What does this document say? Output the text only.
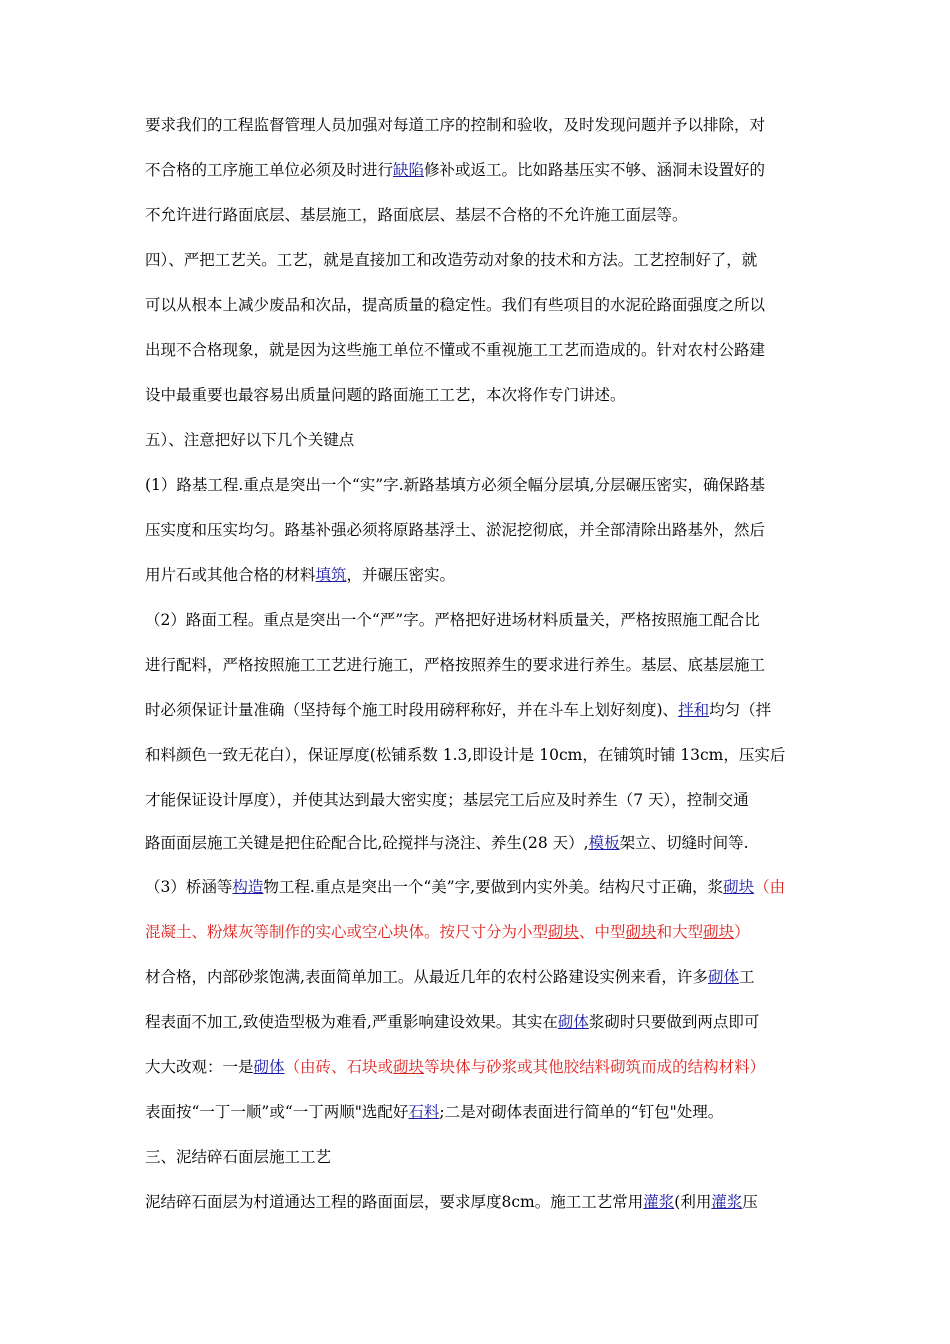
要求我们的工程监督管理人员加强对每道工序的控制和验收，及时发现问题并予以排除，对
不合格的工序施工单位必须及时进行缺陷修补或返工。比如路基压实不够、涵洞未设置好的
不允许进行路面底层、基层施工，路面底层、基层不合格的不允许施工面层等。
四）、严把工艺关。工艺，就是直接加工和改造劳动对象的技术和方法。工艺控制好了，就
可以从根本上减少废品和次品，提高质量的稳定性。我们有些项目的水泥砼路面强度之所以
出现不合格现象，就是因为这些施工单位不懂或不重视施工工艺而造成的。针对农村公路建
设中最重要也最容易出质量问题的路面施工工艺，本次将作专门讲述。
五）、注意把好以下几个关键点
(1）路基工程.重点是突出一个“实”字.新路基填方必须全幅分层填,分层碾压密实，确保路基
压实度和压实均匀。路基补强必须将原路基浮土、淤泥挖彻底，并全部清除出路基外，然后
用片石或其他合格的材料填筑，并碾压密实。
（2）路面工程。重点是突出一个“严”字。严格把好进场材料质量关，严格按照施工配合比
进行配料，严格按照施工工艺进行施工，严格按照养生的要求进行养生。基层、底基层施工
时必须保证计量准确（坚持每个施工时段用磅秤称好，并在斗车上划好刻度)、拌和均匀（拌
和料颜色一致无花白），保证厚度(松铺系数 1.3,即设计是 10cm，在铺筑时铺 13cm，压实后
才能保证设计厚度），并使其达到最大密实度；基层完工后应及时养生（7 天），控制交通
路面面层施工关键是把住砼配合比,砼搅拌与浇注、养生(28 天）,模板架立、切缝时间等.
（3）桥涵等构造物工程.重点是突出一个“美”字,要做到内实外美。结构尺寸正确，浆砌块（由
混凝土、粉煤灰等制作的实心或空心块体。按尺寸分为小型砌块、中型砌块和大型砌块）
材合格，内部砂浆饱满,表面简单加工。从最近几年的农村公路建设实例来看，许多砌体工
程表面不加工,致使造型极为难看,严重影响建设效果。其实在砌体浆砌时只要做到两点即可
大大改观：一是砌体（由砖、石块或砌块等块体与砂浆或其他胶结料砌筑而成的结构材料）
表面按“一丁一顺”或“一丁两顺"选配好石料;二是对砌体表面进行简单的“钉包"处理。
三、泥结碎石面层施工工艺
泥结碎石面层为村道通达工程的路面面层，要求厚度8cm。施工工艺常用灌浆(利用灌浆压
